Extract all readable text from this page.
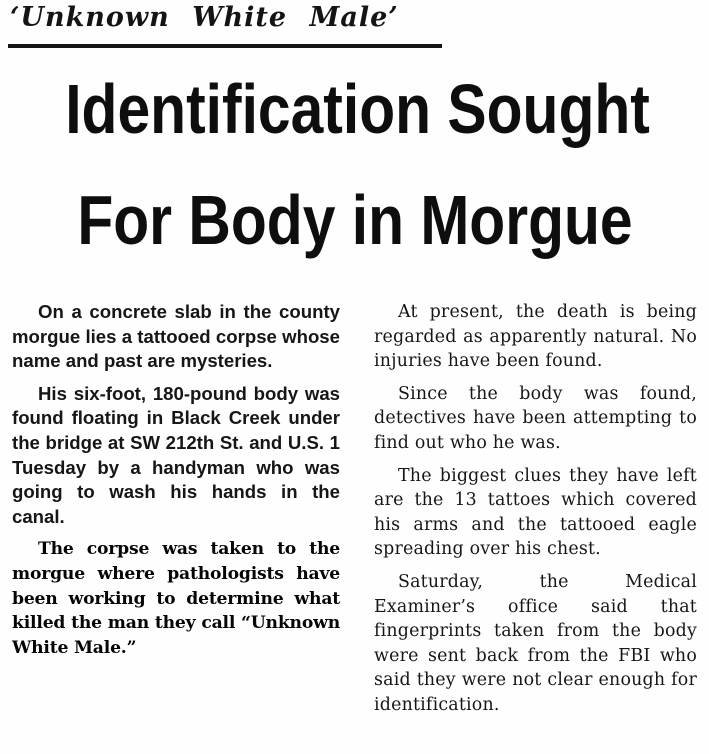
‘Unknown White Male’
Identification Sought
For Body in Morgue

On a concrete slab in the county morgue lies a tattooed corpse whose name and past are mysteries.

His six-foot, 180-pound body was found floating in Black Creek under the bridge at SW 212th St. and U.S. 1 Tuesday by a handyman who was going to wash his hands in the canal.

The corpse was taken to the morgue where pathologists have been working to determine what killed the man they call “Unknown White Male.”

At present, the death is being regarded as apparently natural. No injuries have been found.

Since the body was found, detectives have been attempting to find out who he was.

The biggest clues they have left are the 13 tattoes which covered his arms and the tattooed eagle spreading over his chest.

Saturday, the Medical Examiner’s office said that fingerprints taken from the body were sent back from the FBI who said they were not clear enough for identification.
